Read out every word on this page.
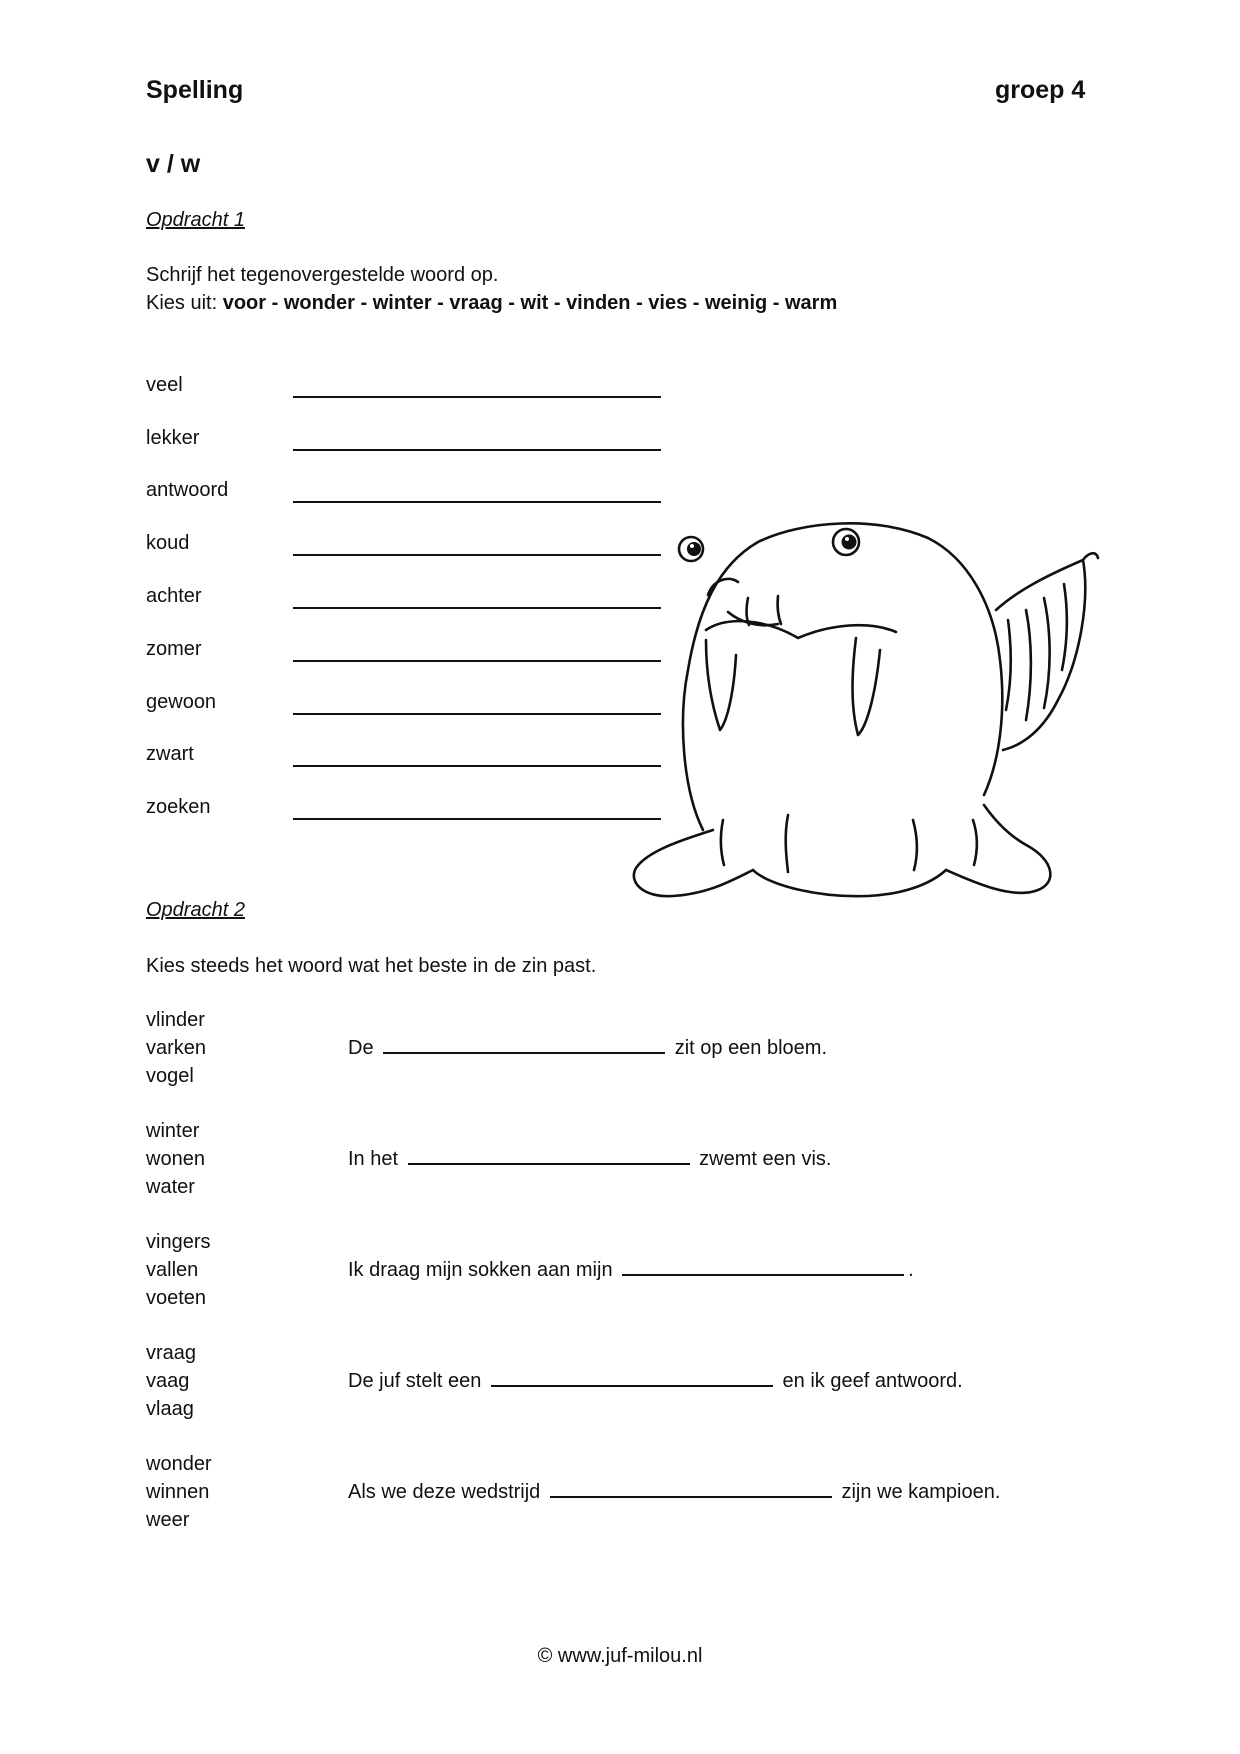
Spelling	groep 4
v / w
Opdracht 1
Schrijf het tegenovergestelde woord op.
Kies uit: voor - wonder - winter - vraag - wit - vinden - vies - weinig - warm
veel
lekker
antwoord
koud
achter
zomer
gewoon
zwart
zoeken
Opdracht 2
Kies steeds het woord wat het beste in de zin past.
vlinder
varken
vogel
De	zit op een bloem.
winter
wonen
water
In het	zwemt een vis.
vingers
vallen
voeten
Ik draag mijn sokken aan mijn	.
vraag
vaag
vlaag
De juf stelt een	en ik geef antwoord.
wonder
winnen
weer
Als we deze wedstrijd	zijn we kampioen.
© www.juf-milou.nl
